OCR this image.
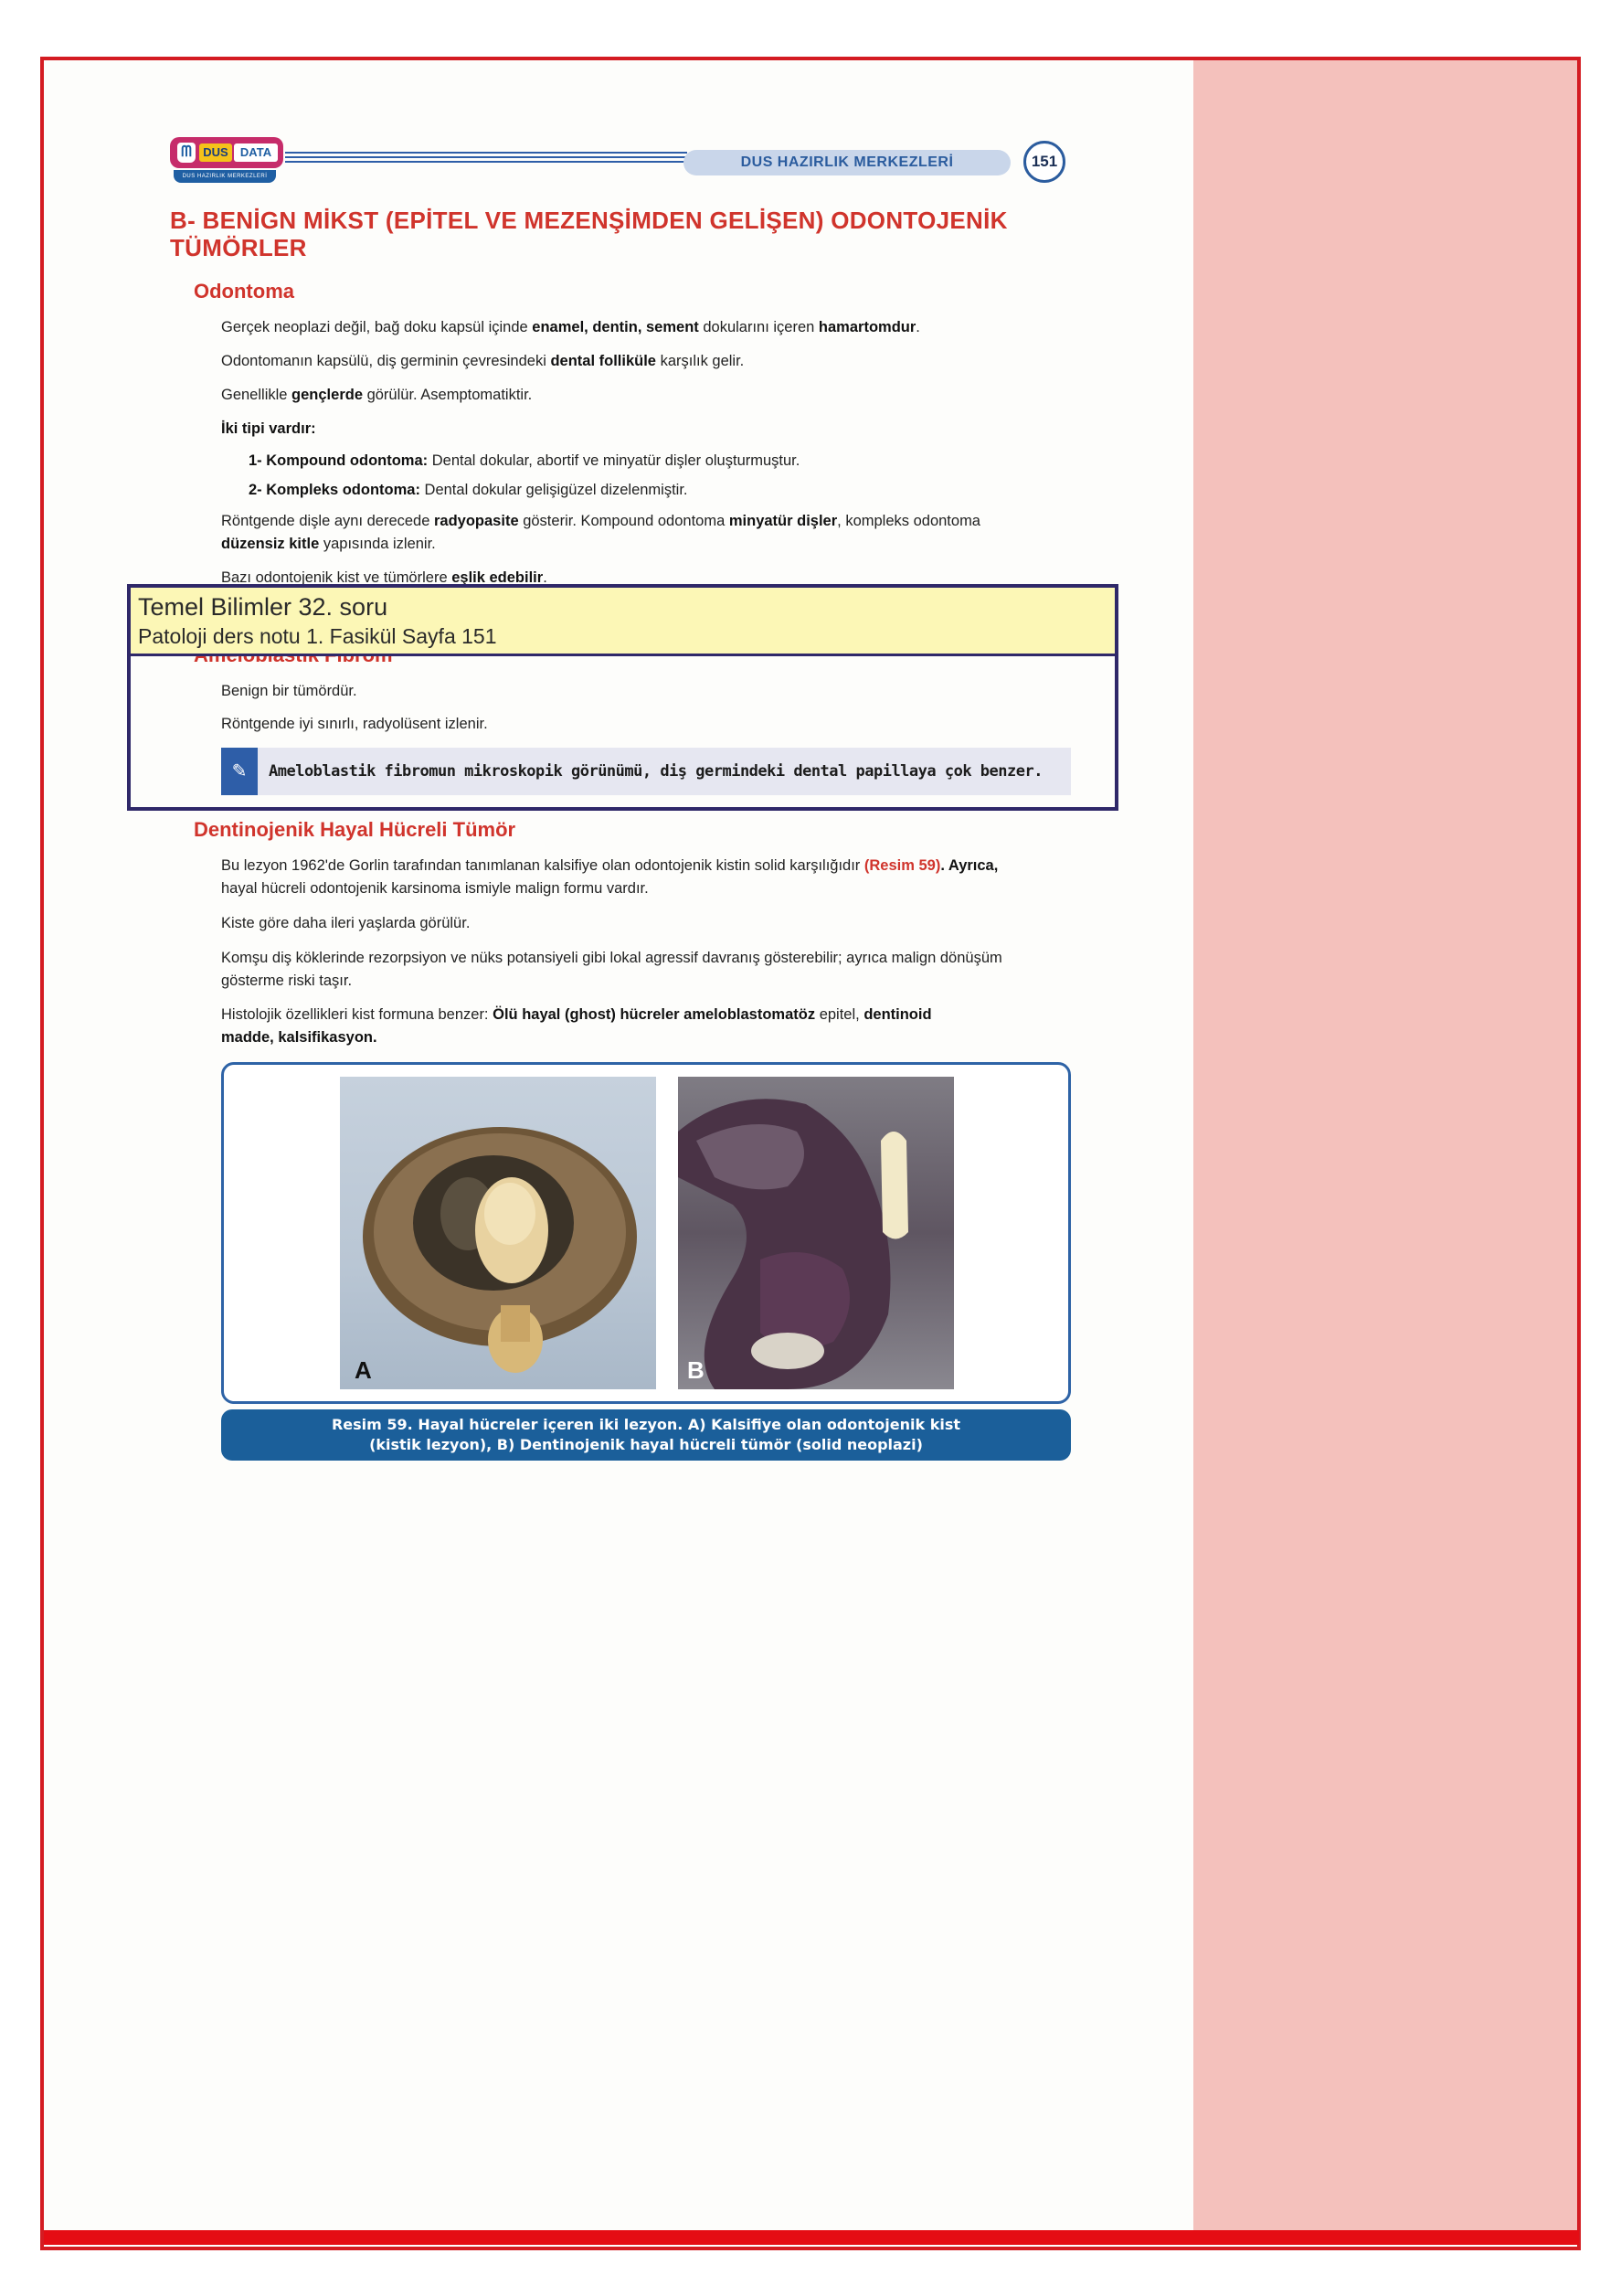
ᗰ DUS	DATA
DUS HAZIRLIK MERKEZLERİ
DUS HAZIRLIK MERKEZLERİ	151
B- BENİGN MİKST (EPİTEL VE MEZENŞİMDEN GELİŞEN) ODONTOJENİK TÜMÖRLER
Odontoma
Gerçek neoplazi değil, bağ doku kapsül içinde enamel, dentin, sement dokularını içeren hamartomdur.
Odontomanın kapsülü, diş germinin çevresindeki dental folliküle karşılık gelir.
Genellikle gençlerde görülür. Asemptomatiktir.
İki tipi vardır:
1- Kompound odontoma: Dental dokular, abortif ve minyatür dişler oluşturmuştur.
2- Kompleks odontoma: Dental dokular gelişigüzel dizelenmiştir.
Röntgende dişle aynı derecede radyopasite gösterir. Kompound odontoma minyatür dişler, kompleks odontoma
düzensiz kitle yapısında izlenir.
Bazı odontojenik kist ve tümörlere eşlik edebilir.
Benign bir tümördür.
Röntgende iyi sınırlı, radyolüsent izlenir.
✎	Ameloblastik fibromun mikroskopik görünümü, diş germindeki dental papillaya çok benzer.
Temel Bilimler 32. soru
Patoloji ders notu 1. Fasikül Sayfa 151
Dentinojenik Hayal Hücreli Tümör
Bu lezyon 1962'de Gorlin tarafından tanımlanan kalsifiye olan odontojenik kistin solid karşılığıdır (Resim 59). Ayrıca,
hayal hücreli odontojenik karsinoma ismiyle malign formu vardır.
Kiste göre daha ileri yaşlarda görülür.
Komşu diş köklerinde rezorpsiyon ve nüks potansiyeli gibi lokal agressif davranış gösterebilir; ayrıca malign dönüşüm
gösterme riski taşır.
Histolojik özellikleri kist formuna benzer: Ölü hayal (ghost) hücreler ameloblastomatöz epitel, dentinoid
madde, kalsifikasyon.
A	B
Resim 59. Hayal hücreler içeren iki lezyon. A) Kalsifiye olan odontojenik kist
(kistik lezyon), B) Dentinojenik hayal hücreli tümör (solid neoplazi)
